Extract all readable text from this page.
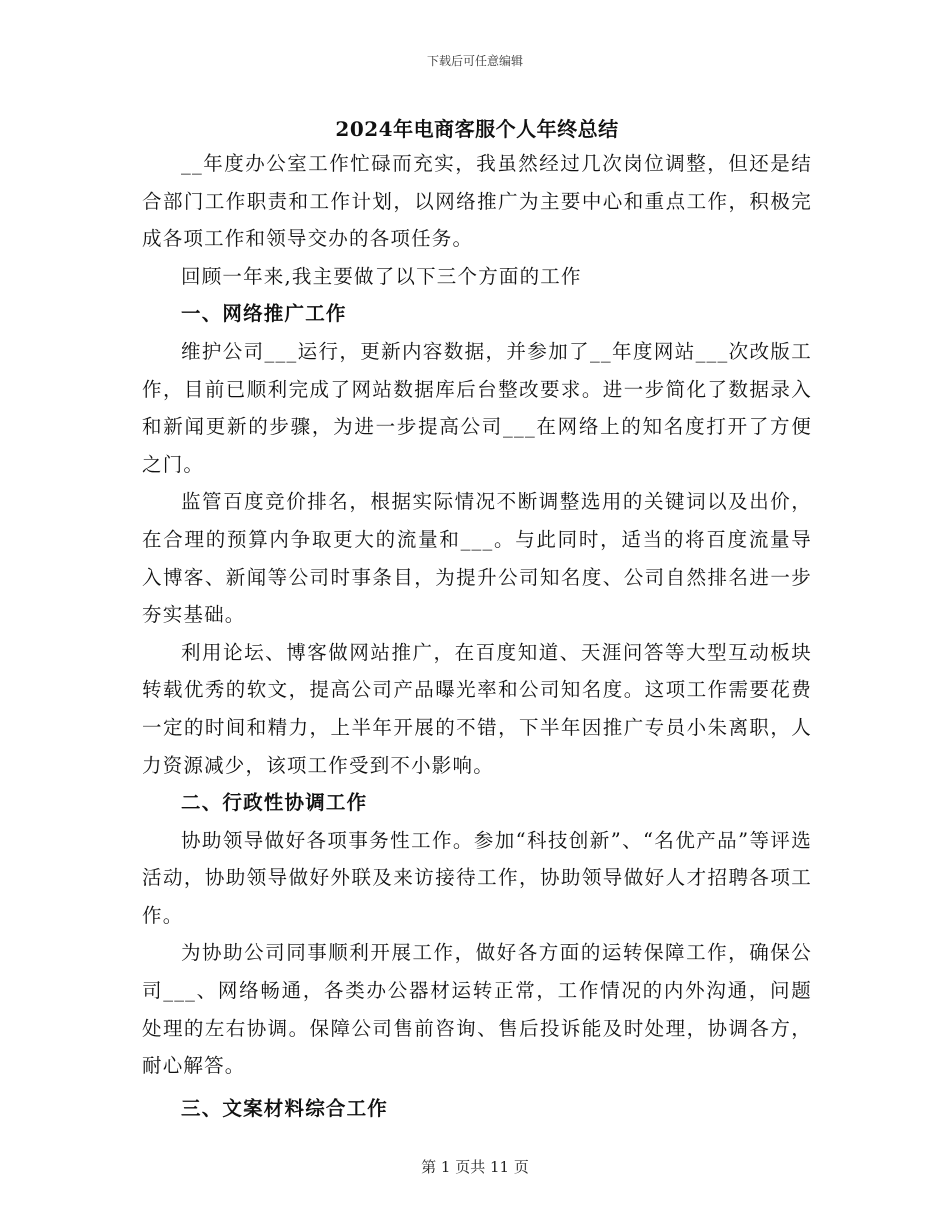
下载后可任意编辑
2024年电商客服个人年终总结

__年度办公室工作忙碌而充实，我虽然经过几次岗位调整，但还是结合部门工作职责和工作计划，以网络推广为主要中心和重点工作，积极完成各项工作和领导交办的各项任务。

回顾一年来,我主要做了以下三个方面的工作

一、网络推广工作

维护公司___运行，更新内容数据，并参加了__年度网站___次改版工作，目前已顺利完成了网站数据库后台整改要求。进一步简化了数据录入和新闻更新的步骤，为进一步提高公司___在网络上的知名度打开了方便之门。

监管百度竞价排名，根据实际情况不断调整选用的关键词以及出价，在合理的预算内争取更大的流量和___。与此同时，适当的将百度流量导入博客、新闻等公司时事条目，为提升公司知名度、公司自然排名进一步夯实基础。

利用论坛、博客做网站推广，在百度知道、天涯问答等大型互动板块转载优秀的软文，提高公司产品曝光率和公司知名度。这项工作需要花费一定的时间和精力，上半年开展的不错，下半年因推广专员小朱离职，人力资源减少，该项工作受到不小影响。

二、行政性协调工作

协助领导做好各项事务性工作。参加“科技创新”、“名优产品”等评选活动，协助领导做好外联及来访接待工作，协助领导做好人才招聘各项工作。

为协助公司同事顺利开展工作，做好各方面的运转保障工作，确保公司___、网络畅通，各类办公器材运转正常，工作情况的内外沟通，问题处理的左右协调。保障公司售前咨询、售后投诉能及时处理，协调各方，耐心解答。

三、文案材料综合工作

第 1 页共 11 页
